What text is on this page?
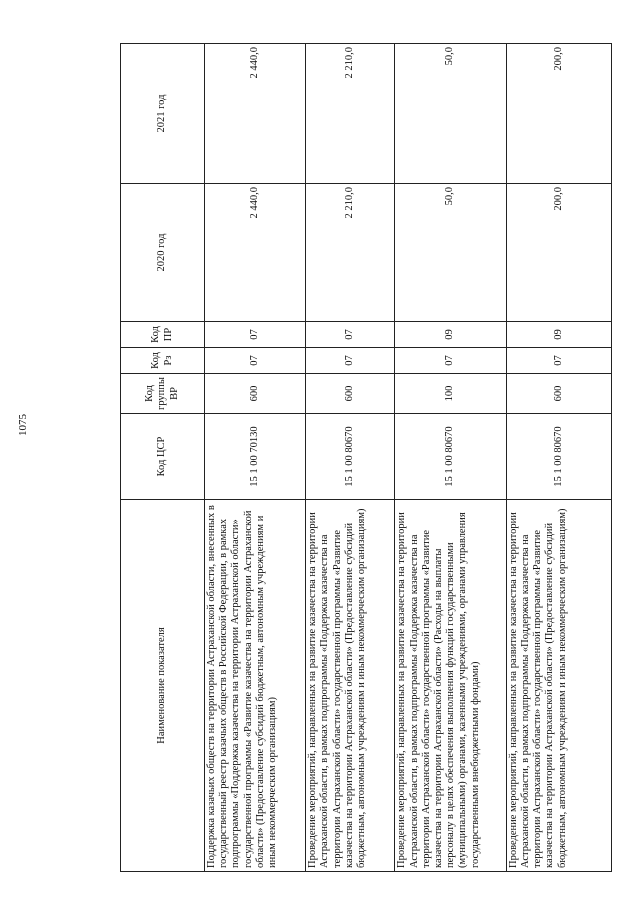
1075
Наименование показателя	Код ЦСР	Код группы ВР	Код Рз	Код ПР	2020 год	2021 год
Поддержка казачьих обществ на территории Астраханской области, внесенных в государственный реестр казачьих обществ в Российской Федерации, в рамках подпрограммы «Поддержка казачества на территории Астраханской области» государственной программы «Развитие казачества на территории Астраханской области» (Предоставление субсидий бюджетным, автономным учреждениям и иным некоммерческим организациям)	15 1 00 70130	600	07	07	2 440,0	2 440,0
Проведение мероприятий, направленных на развитие казачества на территории Астраханской области, в рамках подпрограммы «Поддержка казачества на территории Астраханской области» государственной программы «Развитие казачества на территории Астраханской области» (Предоставление субсидий бюджетным, автономным учреждениям и иным некоммерческим организациям)	15 1 00 80670	600	07	07	2 210,0	2 210,0
Проведение мероприятий, направленных на развитие казачества на территории Астраханской области, в рамках подпрограммы «Поддержка казачества на территории Астраханской области» государственной программы «Развитие казачества на территории Астраханской области» (Расходы на выплаты персоналу в целях обеспечения выполнения функций государственными (муниципальными) органами, казенными учреждениями, органами управления государственными внебюджетными фондами)	15 1 00 80670	100	07	09	50,0	50,0
Проведение мероприятий, направленных на развитие казачества на территории Астраханской области, в рамках подпрограммы «Поддержка казачества на территории Астраханской области» государственной программы «Развитие казачества на территории Астраханской области» (Предоставление субсидий бюджетным, автономным учреждениям и иным некоммерческим организациям)	15 1 00 80670	600	07	09	200,0	200,0
